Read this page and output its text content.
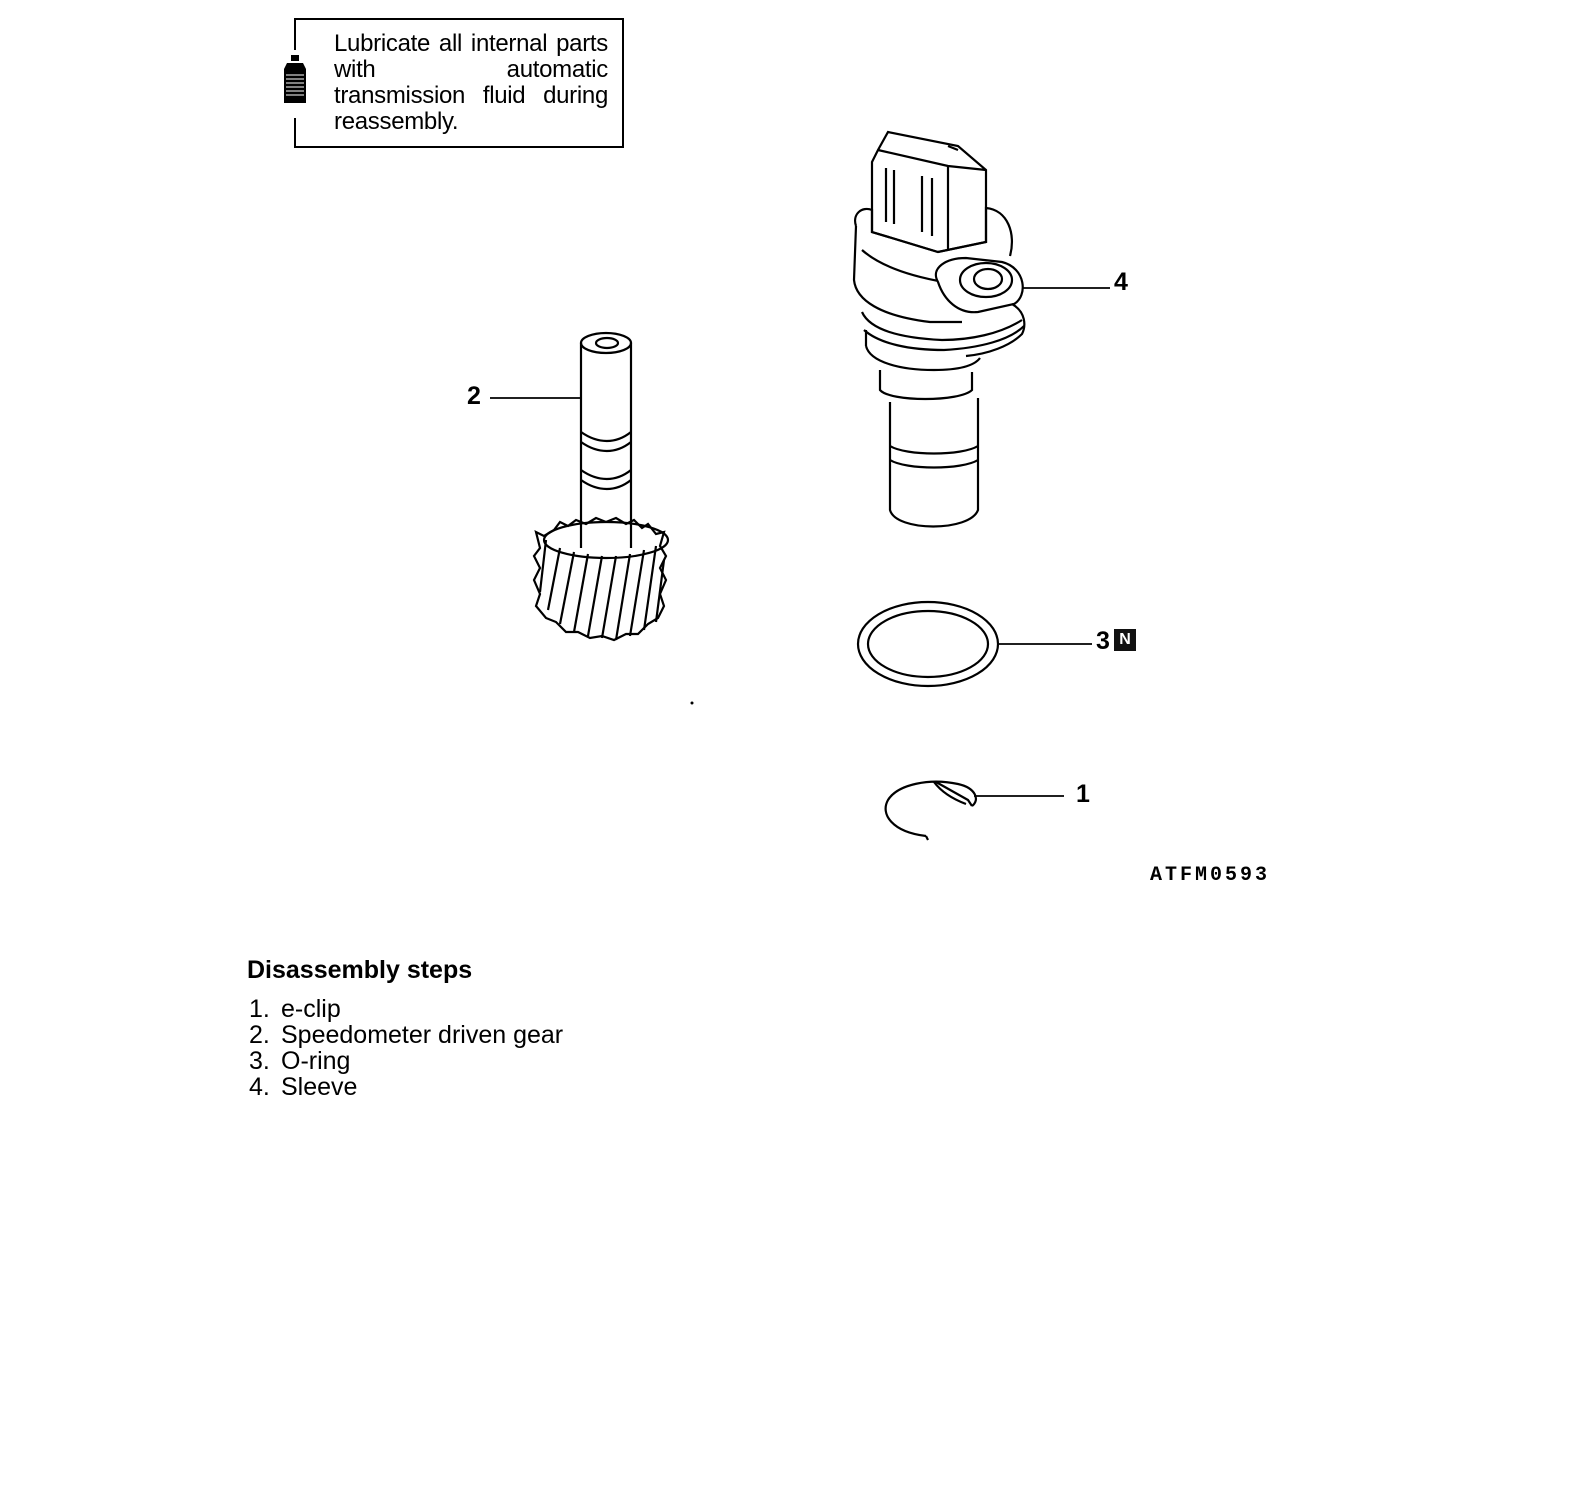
Lubricate all internal parts with automatic transmission fluid during reassembly.
4
2
3 N
1
ATFM0593
Disassembly steps
1. e-clip
2. Speedometer driven gear
3. O-ring
4. Sleeve
